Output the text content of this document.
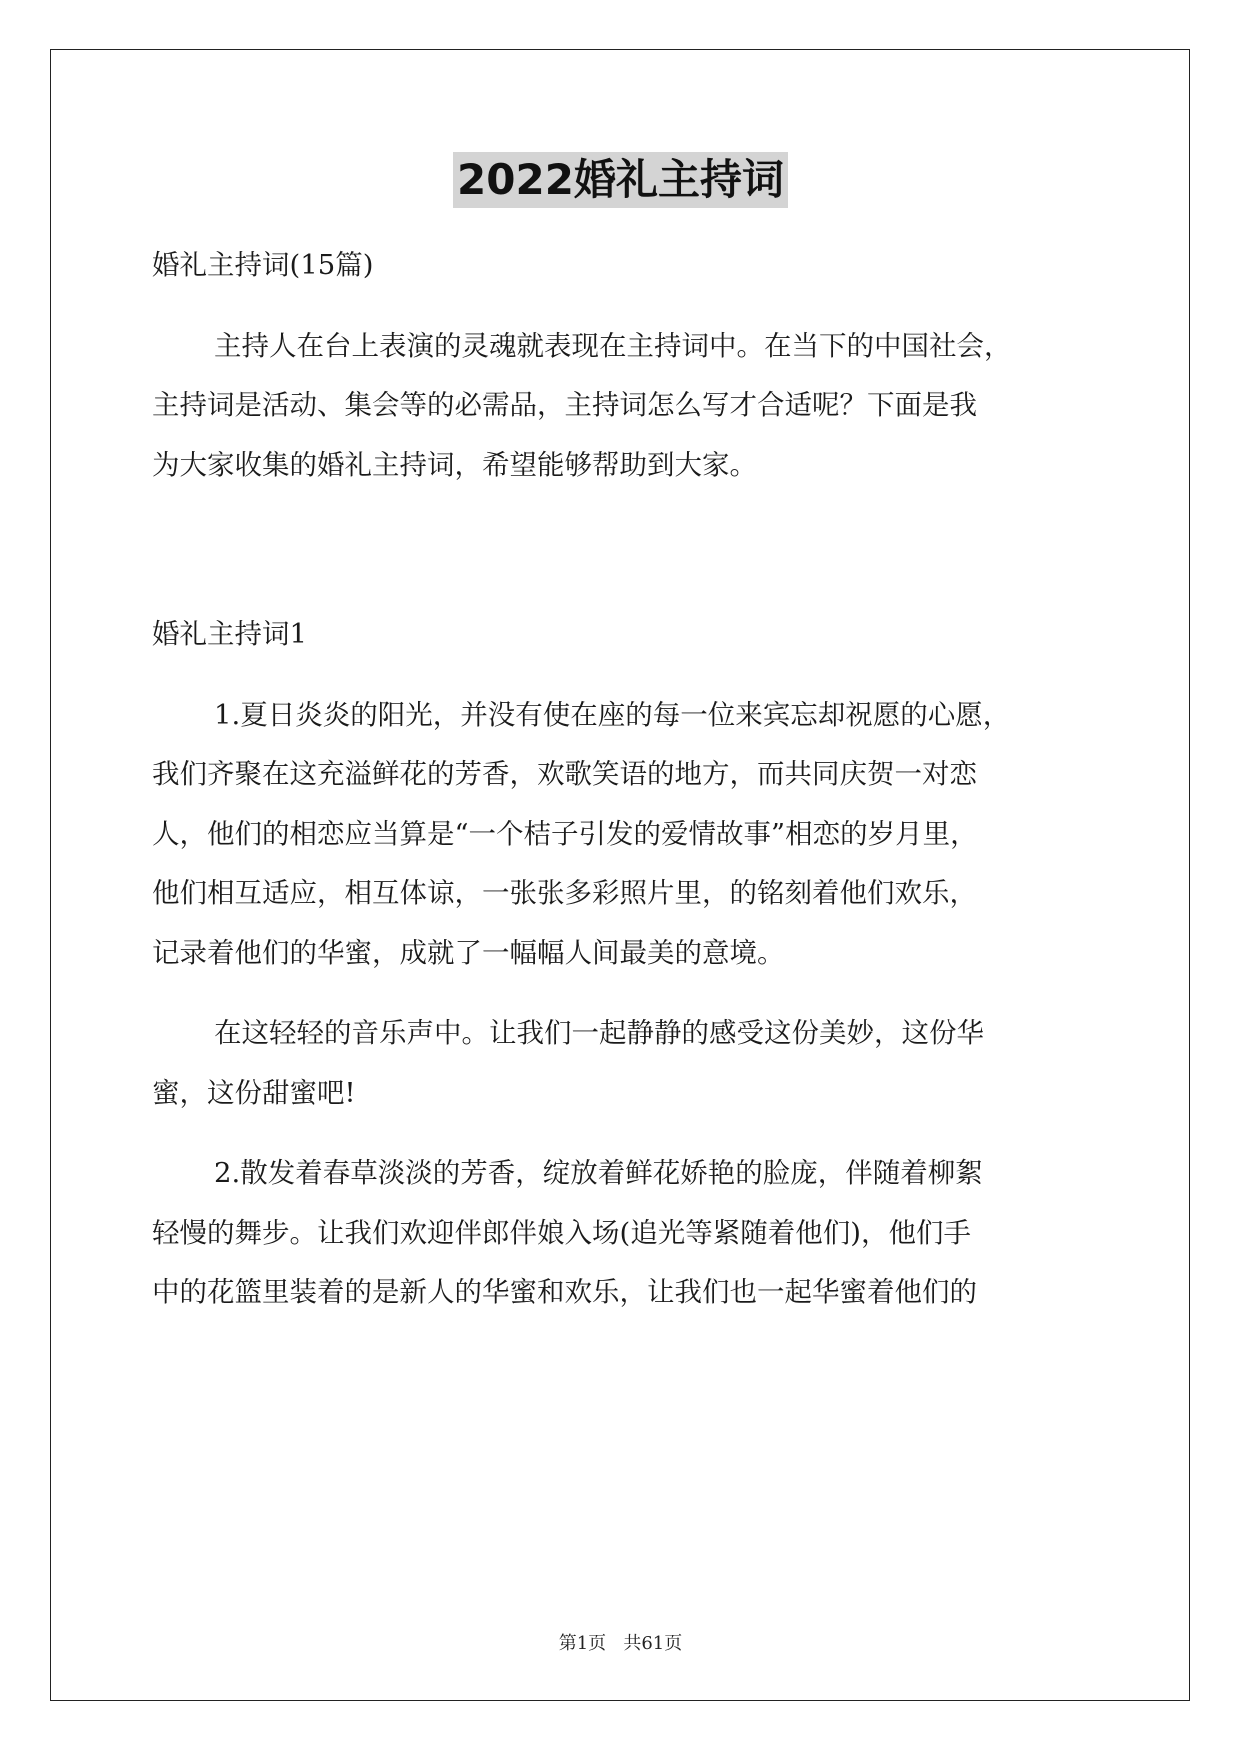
2022婚礼主持词
婚礼主持词(15篇)
主持人在台上表演的灵魂就表现在主持词中。在当下的中国社会，
主持词是活动、集会等的必需品，主持词怎么写才合适呢？下面是我
为大家收集的婚礼主持词，希望能够帮助到大家。
婚礼主持词1
1.夏日炎炎的阳光，并没有使在座的每一位来宾忘却祝愿的心愿，
我们齐聚在这充溢鲜花的芳香，欢歌笑语的地方，而共同庆贺一对恋
人，他们的相恋应当算是“一个桔子引发的爱情故事”相恋的岁月里，
他们相互适应，相互体谅，一张张多彩照片里，的铭刻着他们欢乐，
记录着他们的华蜜，成就了一幅幅人间最美的意境。
在这轻轻的音乐声中。让我们一起静静的感受这份美妙，这份华
蜜，这份甜蜜吧!
2.散发着春草淡淡的芳香，绽放着鲜花娇艳的脸庞，伴随着柳絮
轻慢的舞步。让我们欢迎伴郎伴娘入场(追光等紧随着他们)，他们手
中的花篮里装着的是新人的华蜜和欢乐，让我们也一起华蜜着他们的
第1页   共61页
